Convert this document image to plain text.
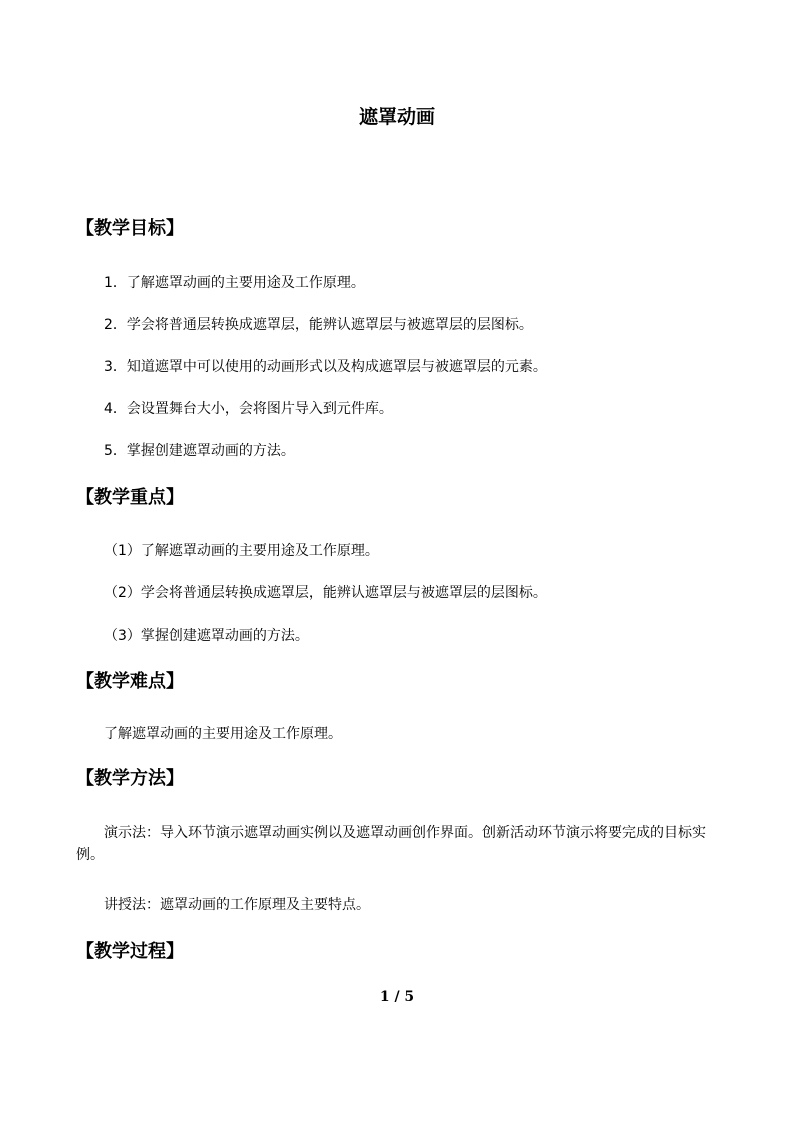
遮罩动画
【教学目标】
1．了解遮罩动画的主要用途及工作原理。
2．学会将普通层转换成遮罩层，能辨认遮罩层与被遮罩层的层图标。
3．知道遮罩中可以使用的动画形式以及构成遮罩层与被遮罩层的元素。
4．会设置舞台大小，会将图片导入到元件库。
5．掌握创建遮罩动画的方法。
【教学重点】
（1）了解遮罩动画的主要用途及工作原理。
（2）学会将普通层转换成遮罩层，能辨认遮罩层与被遮罩层的层图标。
（3）掌握创建遮罩动画的方法。
【教学难点】
了解遮罩动画的主要用途及工作原理。
【教学方法】
演示法：导入环节演示遮罩动画实例以及遮罩动画创作界面。创新活动环节演示将要完成的目标实例。
讲授法：遮罩动画的工作原理及主要特点。
【教学过程】
1 / 5
